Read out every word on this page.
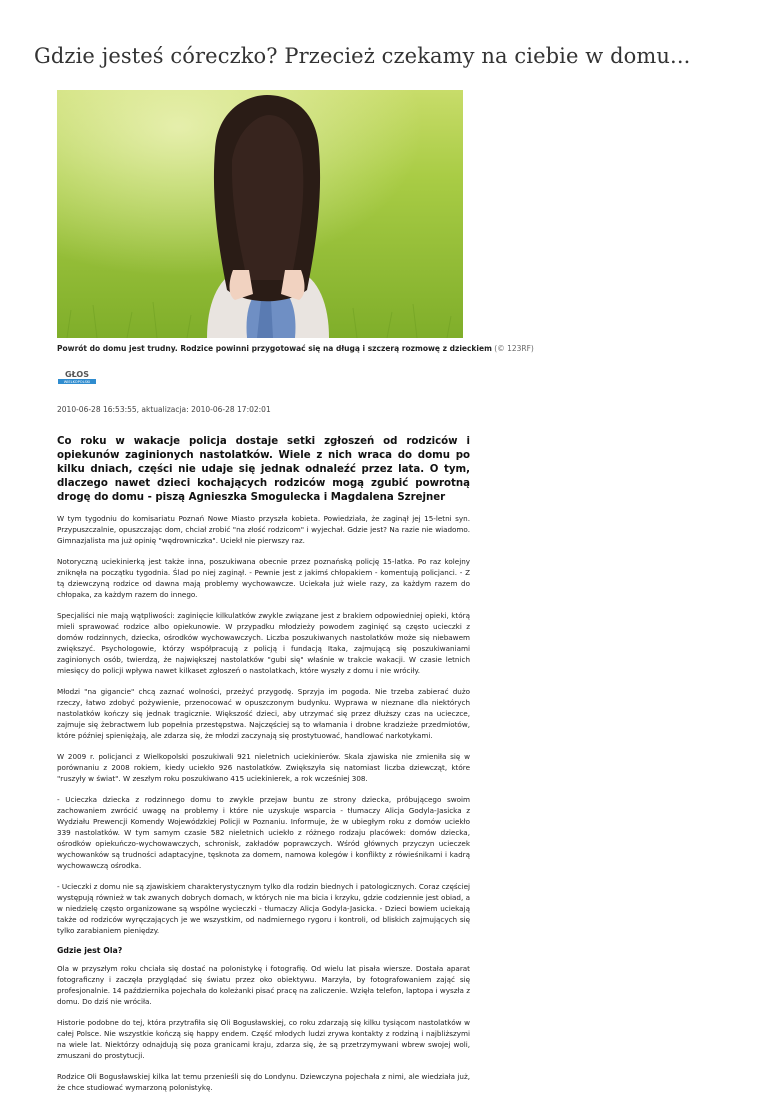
Gdzie jesteś córeczko? Przecież czekamy na ciebie w domu...
Powrót do domu jest trudny. Rodzice powinni przygotować się na długą i szczerą rozmowę z dzieckiem (© 123RF)
GŁOS
WIELKOPOLSKI
2010-06-28 16:53:55, aktualizacja: 2010-06-28 17:02:01

Co roku w wakacje policja dostaje setki zgłoszeń od rodziców i opiekunów zaginionych nastolatków. Wiele z nich wraca do domu po kilku dniach, części nie udaje się jednak odnaleźć przez lata. O tym, dlaczego nawet dzieci kochających rodziców mogą zgubić powrotną drogę do domu - piszą Agnieszka Smogulecka i Magdalena Szrejner

W tym tygodniu do komisariatu Poznań Nowe Miasto przyszła kobieta. Powiedziała, że zaginął jej 15-letni syn. Przypuszczalnie, opuszczając dom, chciał zrobić "na złość rodzicom" i wyjechał. Gdzie jest? Na razie nie wiadomo. Gimnazjalista ma już opinię "wędrowniczka". Uciekł nie pierwszy raz.

Notoryczną uciekinierką jest także inna, poszukiwana obecnie przez poznańską policję 15-latka. Po raz kolejny zniknęła na początku tygodnia. Ślad po niej zaginął. - Pewnie jest z jakimś chłopakiem - komentują policjanci. - Z tą dziewczyną rodzice od dawna mają problemy wychowawcze. Uciekała już wiele razy, za każdym razem do chłopaka, za każdym razem do innego.

Specjaliści nie mają wątpliwości: zaginięcie kilkulatków zwykle związane jest z brakiem odpowiedniej opieki, którą mieli sprawować rodzice albo opiekunowie. W przypadku młodzieży powodem zaginięć są często ucieczki z domów rodzinnych, dziecka, ośrodków wychowawczych. Liczba poszukiwanych nastolatków może się niebawem zwiększyć. Psychologowie, którzy współpracują z policją i fundacją Itaka, zajmującą się poszukiwaniami zaginionych osób, twierdzą, że największej nastolatków "gubi się" właśnie w trakcie wakacji. W czasie letnich miesięcy do policji wpływa nawet kilkaset zgłoszeń o nastolatkach, które wyszły z domu i nie wróciły.

Młodzi "na gigancie" chcą zaznać wolności, przeżyć przygodę. Sprzyja im pogoda. Nie trzeba zabierać dużo rzeczy, łatwo zdobyć pożywienie, przenocować w opuszczonym budynku. Wyprawa w nieznane dla niektórych nastolatków kończy się jednak tragicznie. Większość dzieci, aby utrzymać się przez dłuższy czas na ucieczce, zajmuje się żebractwem lub popełnia przestępstwa. Najczęściej są to włamania i drobne kradzieże przedmiotów, które później spieniężają, ale zdarza się, że młodzi zaczynają się prostytuować, handlować narkotykami.

W 2009 r. policjanci z Wielkopolski poszukiwali 921 nieletnich uciekinierów. Skala zjawiska nie zmieniła się w porównaniu z 2008 rokiem, kiedy uciekło 926 nastolatków. Zwiększyła się natomiast liczba dziewcząt, które "ruszyły w świat". W zeszłym roku poszukiwano 415 uciekinierek, a rok wcześniej 308.

- Ucieczka dziecka z rodzinnego domu to zwykle przejaw buntu ze strony dziecka, próbującego swoim zachowaniem zwrócić uwagę na problemy i które nie uzyskuje wsparcia - tłumaczy Alicja Godyla-Jasicka z Wydziału Prewencji Komendy Wojewódzkiej Policji w Poznaniu. Informuje, że w ubiegłym roku z domów uciekło 339 nastolatków. W tym samym czasie 582 nieletnich uciekło z różnego rodzaju placówek: domów dziecka, ośrodków opiekuńczo-wychowawczych, schronisk, zakładów poprawczych. Wśród głównych przyczyn ucieczek wychowanków są trudności adaptacyjne, tęsknota za domem, namowa kolegów i konflikty z rówieśnikami i kadrą wychowawczą ośrodka.

- Ucieczki z domu nie są zjawiskiem charakterystycznym tylko dla rodzin biednych i patologicznych. Coraz częściej występują również w tak zwanych dobrych domach, w których nie ma bicia i krzyku, gdzie codziennie jest obiad, a w niedzielę często organizowane są wspólne wycieczki - tłumaczy Alicja Godyla-Jasicka. - Dzieci bowiem uciekają także od rodziców wyręczających je we wszystkim, od nadmiernego rygoru i kontroli, od bliskich zajmujących się tylko zarabianiem pieniędzy.

Gdzie jest Ola?

Ola w przyszłym roku chciała się dostać na polonistykę i fotografię. Od wielu lat pisała wiersze. Dostała aparat fotograficzny i zaczęła przyglądać się światu przez oko obiektywu. Marzyła, by fotografowaniem zająć się profesjonalnie. 14 października pojechała do koleżanki pisać pracę na zaliczenie. Wzięła telefon, laptopa i wyszła z domu. Do dziś nie wróciła.

Historie podobne do tej, która przytrafiła się Oli Bogusławskiej, co roku zdarzają się kilku tysiącom nastolatków w całej Polsce. Nie wszystkie kończą się happy endem. Część młodych ludzi zrywa kontakty z rodziną i najbliższymi na wiele lat. Niektórzy odnajdują się poza granicami kraju, zdarza się, że są przetrzymywani wbrew swojej woli, zmuszani do prostytucji.

Rodzice Oli Bogusławskiej kilka lat temu przenieśli się do Londynu. Dziewczyna pojechała z nimi, ale wiedziała już, że chce studiować wymarzoną polonistykę.
